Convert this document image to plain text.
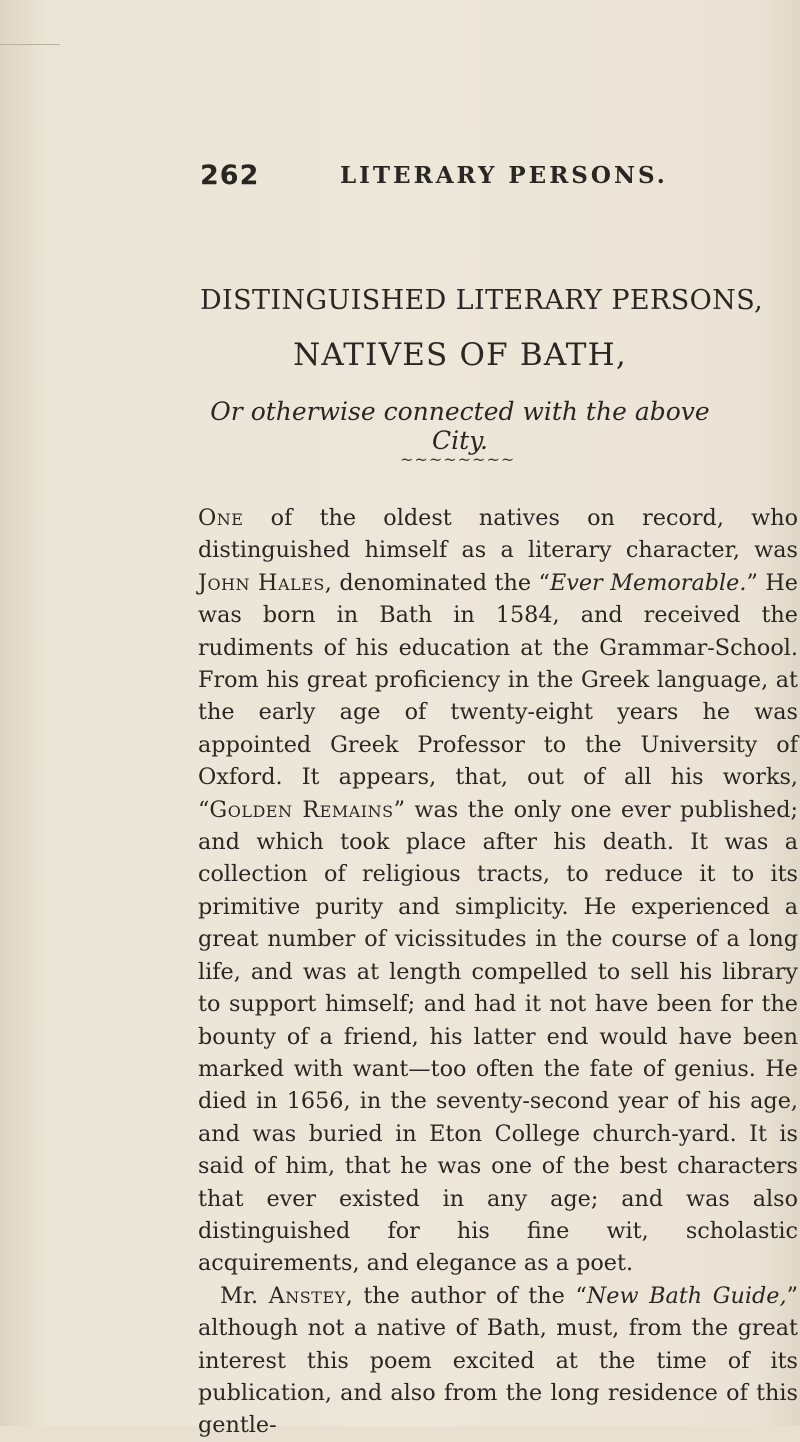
262	LITERARY PERSONS.
DISTINGUISHED LITERARY PERSONS,
NATIVES OF BATH,
Or otherwise connected with the above City.
~~~~~~~~

One of the oldest natives on record, who distinguished himself as a literary character, was John Hales, denominated the “Ever Memorable.” He was born in Bath in 1584, and received the rudiments of his education at the Grammar-School. From his great proficiency in the Greek language, at the early age of twenty-eight years he was appointed Greek Professor to the University of Oxford. It appears, that, out of all his works, “Golden Remains” was the only one ever published; and which took place after his death. It was a collection of religious tracts, to reduce it to its primitive purity and simplicity. He experienced a great number of vicissitudes in the course of a long life, and was at length compelled to sell his library to support himself; and had it not have been for the bounty of a friend, his latter end would have been marked with want—too often the fate of genius. He died in 1656, in the seventy-second year of his age, and was buried in Eton College church-yard. It is said of him, that he was one of the best characters that ever existed in any age; and was also distinguished for his fine wit, scholastic acquirements, and elegance as a poet.

Mr. Anstey, the author of the “New Bath Guide,” although not a native of Bath, must, from the great interest this poem excited at the time of its publication, and also from the long residence of this gentle-
